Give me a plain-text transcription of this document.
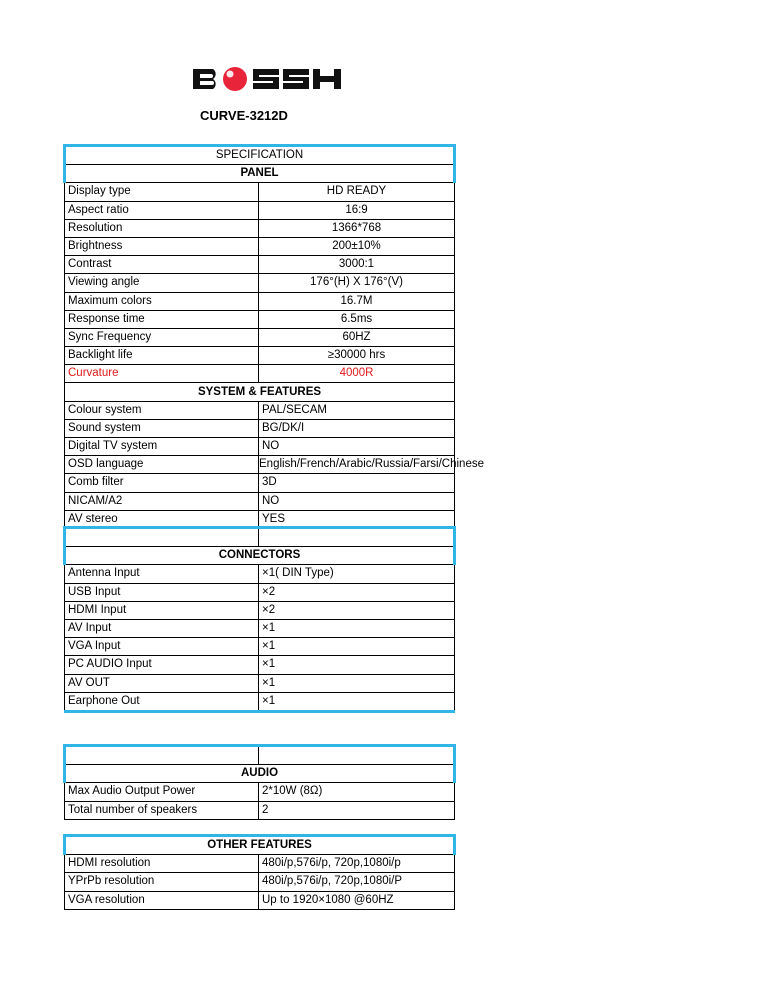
CURVE-3212D
SPECIFICATION	
PANEL	
Display type	HD READY
Aspect ratio	16:9
Resolution	1366*768
Brightness	200±10%
Contrast	3000:1
Viewing angle	176°(H) X 176°(V)
Maximum colors	16.7M
Response time	6.5ms
Sync Frequency	60HZ
Backlight life	≥30000 hrs
Curvature	4000R
SYSTEM & FEATURES	
Colour system	PAL/SECAM
Sound system	BG/DK/I
Digital TV system	NO
OSD language	English/French/Arabic/Russia/Farsi/Chinese
Comb filter	3D
NICAM/A2	NO
AV stereo	YES

CONNECTORS	
Antenna Input	×1( DIN Type)
USB Input	×2
HDMI Input	×2
AV Input	×1
VGA Input	×1
PC AUDIO Input	×1
AV OUT	×1
Earphone Out	×1

AUDIO	
Max Audio Output Power	2*10W (8Ω)
Total number of speakers	2
OTHER FEATURES	
HDMI resolution	480i/p,576i/p, 720p,1080i/p
YPrPb resolution	480i/p,576i/p, 720p,1080i/P
VGA resolution	Up to 1920×1080 @60HZ
